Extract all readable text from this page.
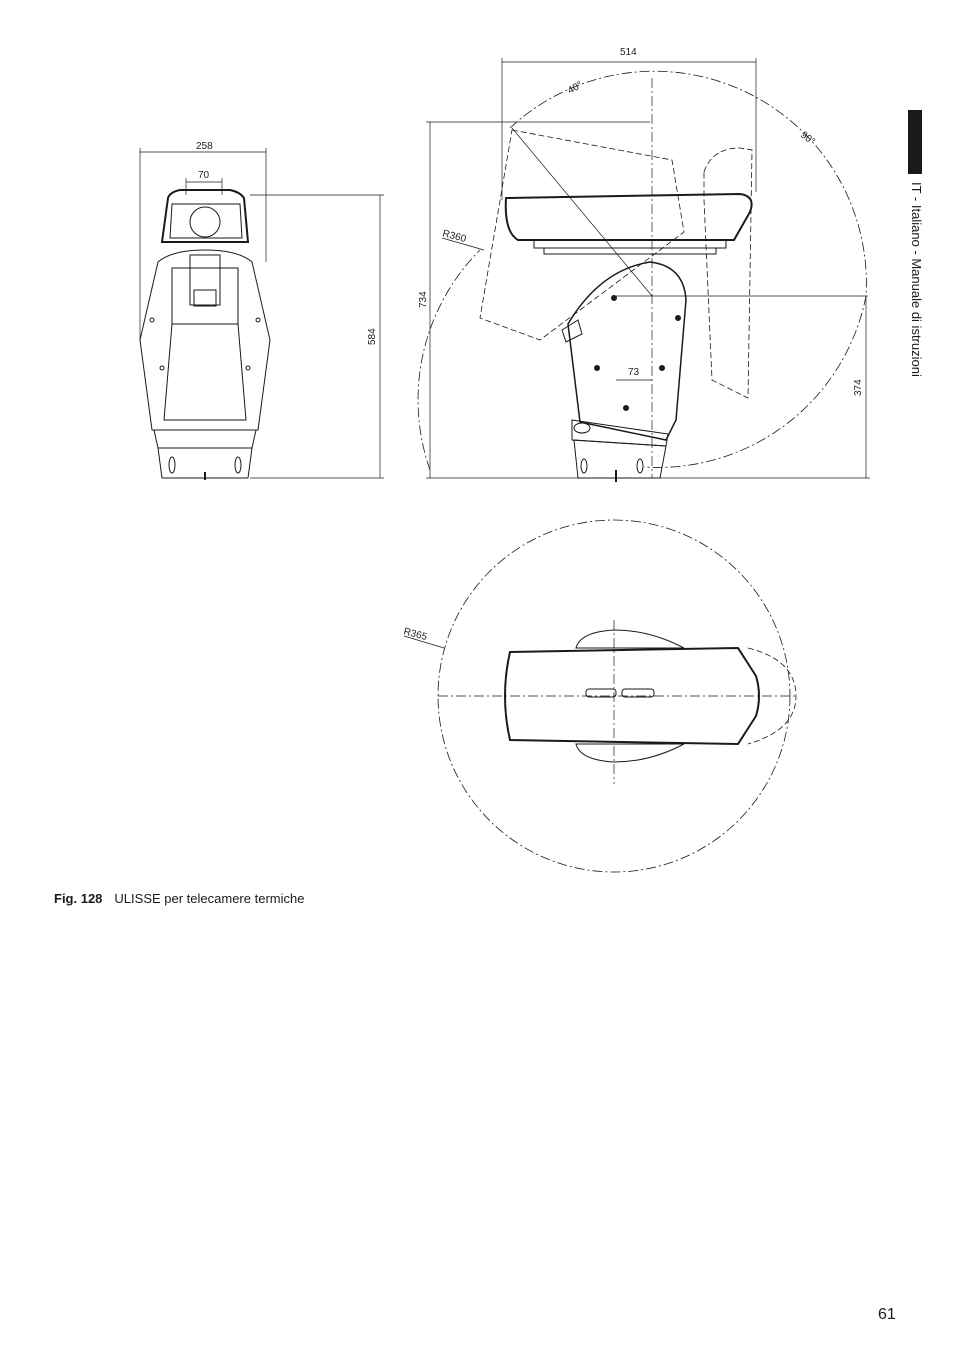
258
70
584
514
734
374
73
R360
R365
40°
90°
IT - Italiano - Manuale di istruzioni
Fig. 128 ULISSE per telecamere termiche
61
